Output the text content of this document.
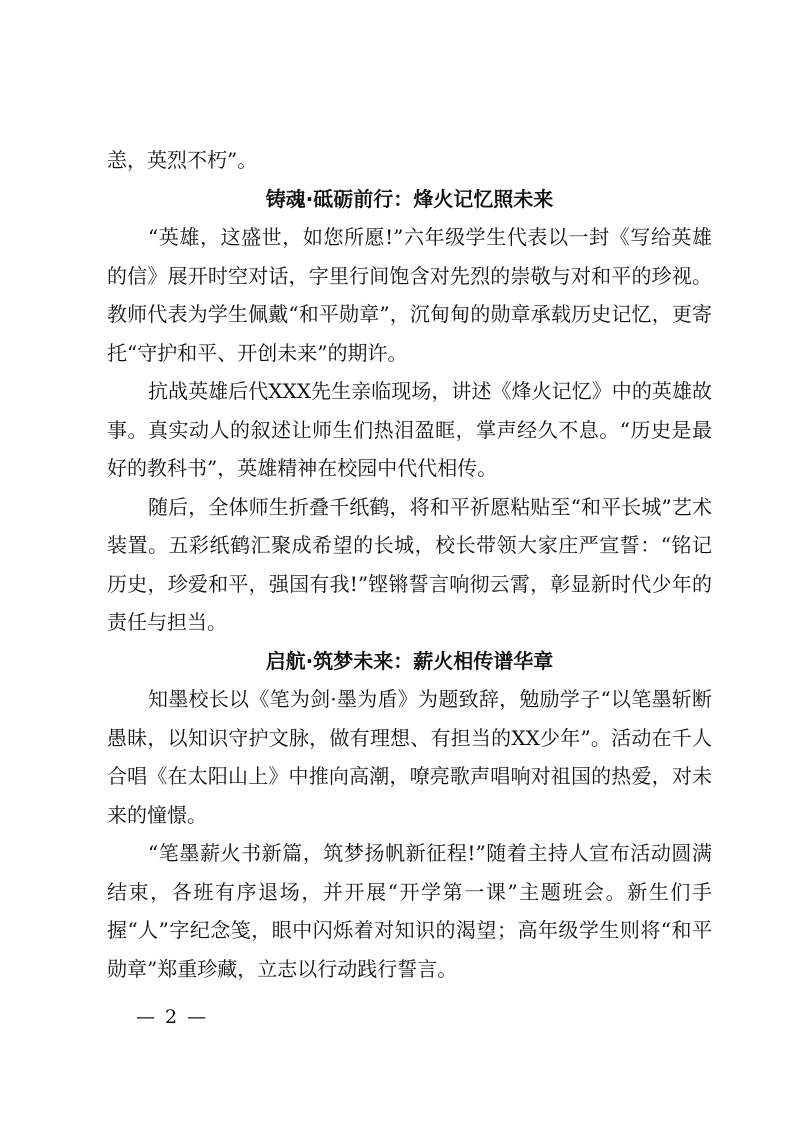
恙，英烈不朽”。

铸魂·砥砺前行：烽火记忆照未来

“英雄，这盛世，如您所愿!”六年级学生代表以一封《写给英雄的信》展开时空对话，字里行间饱含对先烈的崇敬与对和平的珍视。教师代表为学生佩戴“和平勋章”，沉甸甸的勋章承载历史记忆，更寄托“守护和平、开创未来”的期许。

抗战英雄后代XXX先生亲临现场，讲述《烽火记忆》中的英雄故事。真实动人的叙述让师生们热泪盈眶，掌声经久不息。“历史是最好的教科书”，英雄精神在校园中代代相传。

随后，全体师生折叠千纸鹤，将和平祈愿粘贴至“和平长城”艺术装置。五彩纸鹤汇聚成希望的长城，校长带领大家庄严宣誓：“铭记历史，珍爱和平，强国有我!”铿锵誓言响彻云霄，彰显新时代少年的责任与担当。

启航·筑梦未来：薪火相传谱华章

知墨校长以《笔为剑·墨为盾》为题致辞，勉励学子“以笔墨斩断愚昧，以知识守护文脉，做有理想、有担当的XX少年”。活动在千人合唱《在太阳山上》中推向高潮，嘹亮歌声唱响对祖国的热爱，对未来的憧憬。

“笔墨薪火书新篇，筑梦扬帆新征程!”随着主持人宣布活动圆满结束，各班有序退场，并开展“开学第一课”主题班会。新生们手握“人”字纪念笺，眼中闪烁着对知识的渴望；高年级学生则将“和平勋章”郑重珍藏，立志以行动践行誓言。

— 2 —
